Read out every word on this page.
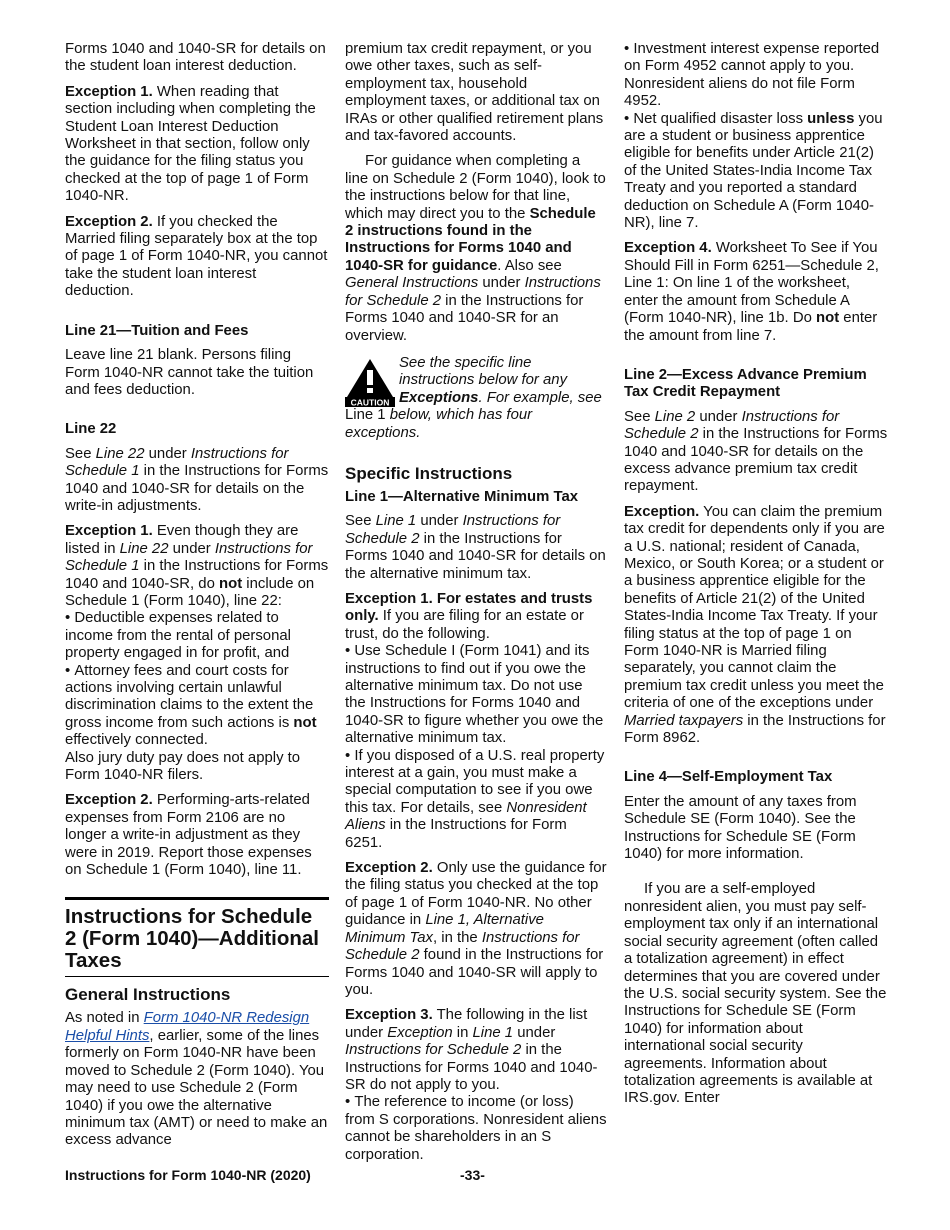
Forms 1040 and 1040-SR for details on the student loan interest deduction.

Exception 1. When reading that section including when completing the Student Loan Interest Deduction Worksheet in that section, follow only the guidance for the filing status you checked at the top of page 1 of Form 1040-NR.

Exception 2. If you checked the Married filing separately box at the top of page 1 of Form 1040-NR, you cannot take the student loan interest deduction.

Line 21—Tuition and Fees

Leave line 21 blank. Persons filing Form 1040-NR cannot take the tuition and fees deduction.

Line 22

See Line 22 under Instructions for Schedule 1 in the Instructions for Forms 1040 and 1040-SR for details on the write-in adjustments.

Exception 1. Even though they are listed in Line 22 under Instructions for Schedule 1 in the Instructions for Forms 1040 and 1040-SR, do not include on Schedule 1 (Form 1040), line 22:

• Deductible expenses related to income from the rental of personal property engaged in for profit, and

• Attorney fees and court costs for actions involving certain unlawful discrimination claims to the extent the gross income from such actions is not effectively connected.

Also jury duty pay does not apply to Form 1040-NR filers.

Exception 2. Performing-arts-related expenses from Form 2106 are no longer a write-in adjustment as they were in 2019. Report those expenses on Schedule 1 (Form 1040), line 11.

Instructions for Schedule 2 (Form 1040)—Additional Taxes
General Instructions

As noted in Form 1040-NR Redesign Helpful Hints, earlier, some of the lines formerly on Form 1040-NR have been moved to Schedule 2 (Form 1040). You may need to use Schedule 2 (Form 1040) if you owe the alternative minimum tax (AMT) or need to make an excess advance

premium tax credit repayment, or you owe other taxes, such as self-employment tax, household employment taxes, or additional tax on IRAs or other qualified retirement plans and tax-favored accounts.

For guidance when completing a line on Schedule 2 (Form 1040), look to the instructions below for that line, which may direct you to the Schedule 2 instructions found in the Instructions for Forms 1040 and 1040-SR for guidance. Also see General Instructions under Instructions for Schedule 2 in the Instructions for Forms 1040 and 1040-SR for an overview.

CAUTION
See the specific line instructions below for any Exceptions. For example, see Line 1 below, which has four exceptions.
Specific Instructions
Line 1—Alternative Minimum Tax

See Line 1 under Instructions for Schedule 2 in the Instructions for Forms 1040 and 1040-SR for details on the alternative minimum tax.

Exception 1. For estates and trusts only. If you are filing for an estate or trust, do the following.

• Use Schedule I (Form 1041) and its instructions to find out if you owe the alternative minimum tax. Do not use the Instructions for Forms 1040 and 1040-SR to figure whether you owe the alternative minimum tax.

• If you disposed of a U.S. real property interest at a gain, you must make a special computation to see if you owe this tax. For details, see Nonresident Aliens in the Instructions for Form 6251.

Exception 2. Only use the guidance for the filing status you checked at the top of page 1 of Form 1040-NR. No other guidance in Line 1, Alternative Minimum Tax, in the Instructions for Schedule 2 found in the Instructions for Forms 1040 and 1040-SR will apply to you.

Exception 3. The following in the list under Exception in Line 1 under Instructions for Schedule 2 in the Instructions for Forms 1040 and 1040-SR do not apply to you.

• The reference to income (or loss) from S corporations. Nonresident aliens cannot be shareholders in an S corporation.

• Investment interest expense reported on Form 4952 cannot apply to you. Nonresident aliens do not file Form 4952.

• Net qualified disaster loss unless you are a student or business apprentice eligible for benefits under Article 21(2) of the United States-India Income Tax Treaty and you reported a standard deduction on Schedule A (Form 1040-NR), line 7.

Exception 4. Worksheet To See if You Should Fill in Form 6251—Schedule 2, Line 1: On line 1 of the worksheet, enter the amount from Schedule A (Form 1040-NR), line 1b. Do not enter the amount from line 7.

Line 2—Excess Advance Premium Tax Credit Repayment

See Line 2 under Instructions for Schedule 2 in the Instructions for Forms 1040 and 1040-SR for details on the excess advance premium tax credit repayment.

Exception. You can claim the premium tax credit for dependents only if you are a U.S. national; resident of Canada, Mexico, or South Korea; or a student or a business apprentice eligible for the benefits of Article 21(2) of the United States-India Income Tax Treaty. If your filing status at the top of page 1 on Form 1040-NR is Married filing separately, you cannot claim the premium tax credit unless you meet the criteria of one of the exceptions under Married taxpayers in the Instructions for Form 8962.

Line 4—Self-Employment Tax

Enter the amount of any taxes from Schedule SE (Form 1040). See the Instructions for Schedule SE (Form 1040) for more information.

If you are a self-employed nonresident alien, you must pay self-employment tax only if an international social security agreement (often called a totalization agreement) in effect determines that you are covered under the U.S. social security system. See the Instructions for Schedule SE (Form 1040) for information about international social security agreements. Information about totalization agreements is available at IRS.gov. Enter

Instructions for Form 1040-NR (2020)	-33-
